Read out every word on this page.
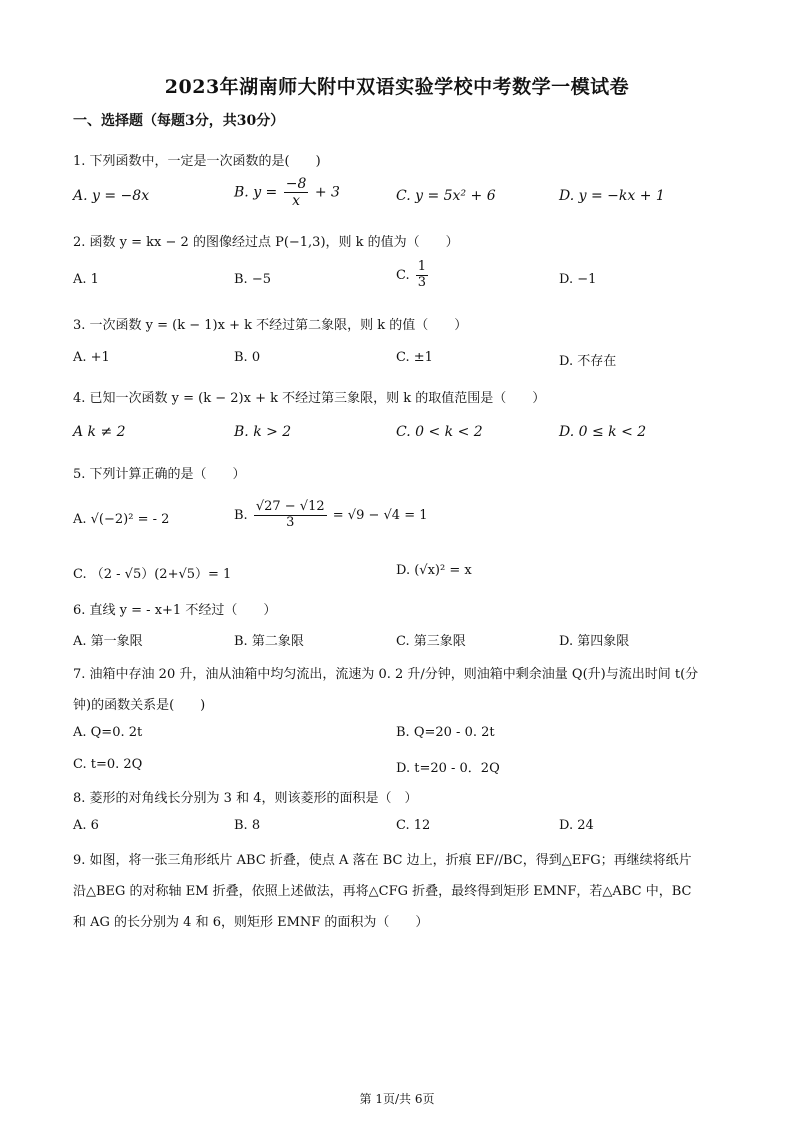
2023年湖南师大附中双语实验学校中考数学一模试卷
一、选择题（每题3分，共30分）
1. 下列函数中，一定是一次函数的是(　　)
A. y = −8x	B. $y = \frac{-8}{x} + 3$	C. y = 5x² + 6	D. y = −kx + 1
2. 函数 y = kx − 2 的图像经过点 P(−1,3)，则 k 的值为（　　）
A. 1	B. −5	C. $\frac{1}{3}$	D. −1
3. 一次函数 y = (k − 1)x + k 不经过第二象限，则 k 的值（　　）
A. +1	B. 0	C. ±1	D. 不存在
4. 已知一次函数 y = (k − 2)x + k 不经过第三象限，则 k 的取值范围是（　　）
A k ≠ 2	B. k > 2	C. 0 < k < 2	D. 0 ≤ k < 2
5. 下列计算正确的是（　　）
A. √(−2)² = - 2	B. $\frac{√27 - √12}{3} = √9 - √4 = 1$
C. （2 - √5）(2+√5）= 1	D. (√x)² = x
6. 直线 y = - x+1 不经过（　　）
A. 第一象限	B. 第二象限	C. 第三象限	D. 第四象限
7. 油箱中存油 20 升，油从油箱中均匀流出，流速为 0. 2 升/分钟，则油箱中剩余油量 Q(升)与流出时间 t(分
钟)的函数关系是(　　)
A. Q=0. 2t	B. Q=20 - 0. 2t
C. t=0. 2Q	D. t=20 - 0．2Q
8. 菱形的对角线长分别为 3 和 4，则该菱形的面积是（　）
A. 6	B. 8	C. 12	D. 24
9. 如图，将一张三角形纸片 ABC 折叠，使点 A 落在 BC 边上，折痕 EF//BC，得到△EFG；再继续将纸片
沿△BEG 的对称轴 EM 折叠，依照上述做法，再将△CFG 折叠，最终得到矩形 EMNF，若△ABC 中，BC
和 AG 的长分别为 4 和 6，则矩形 EMNF 的面积为（　　）
第 1页/共 6页
